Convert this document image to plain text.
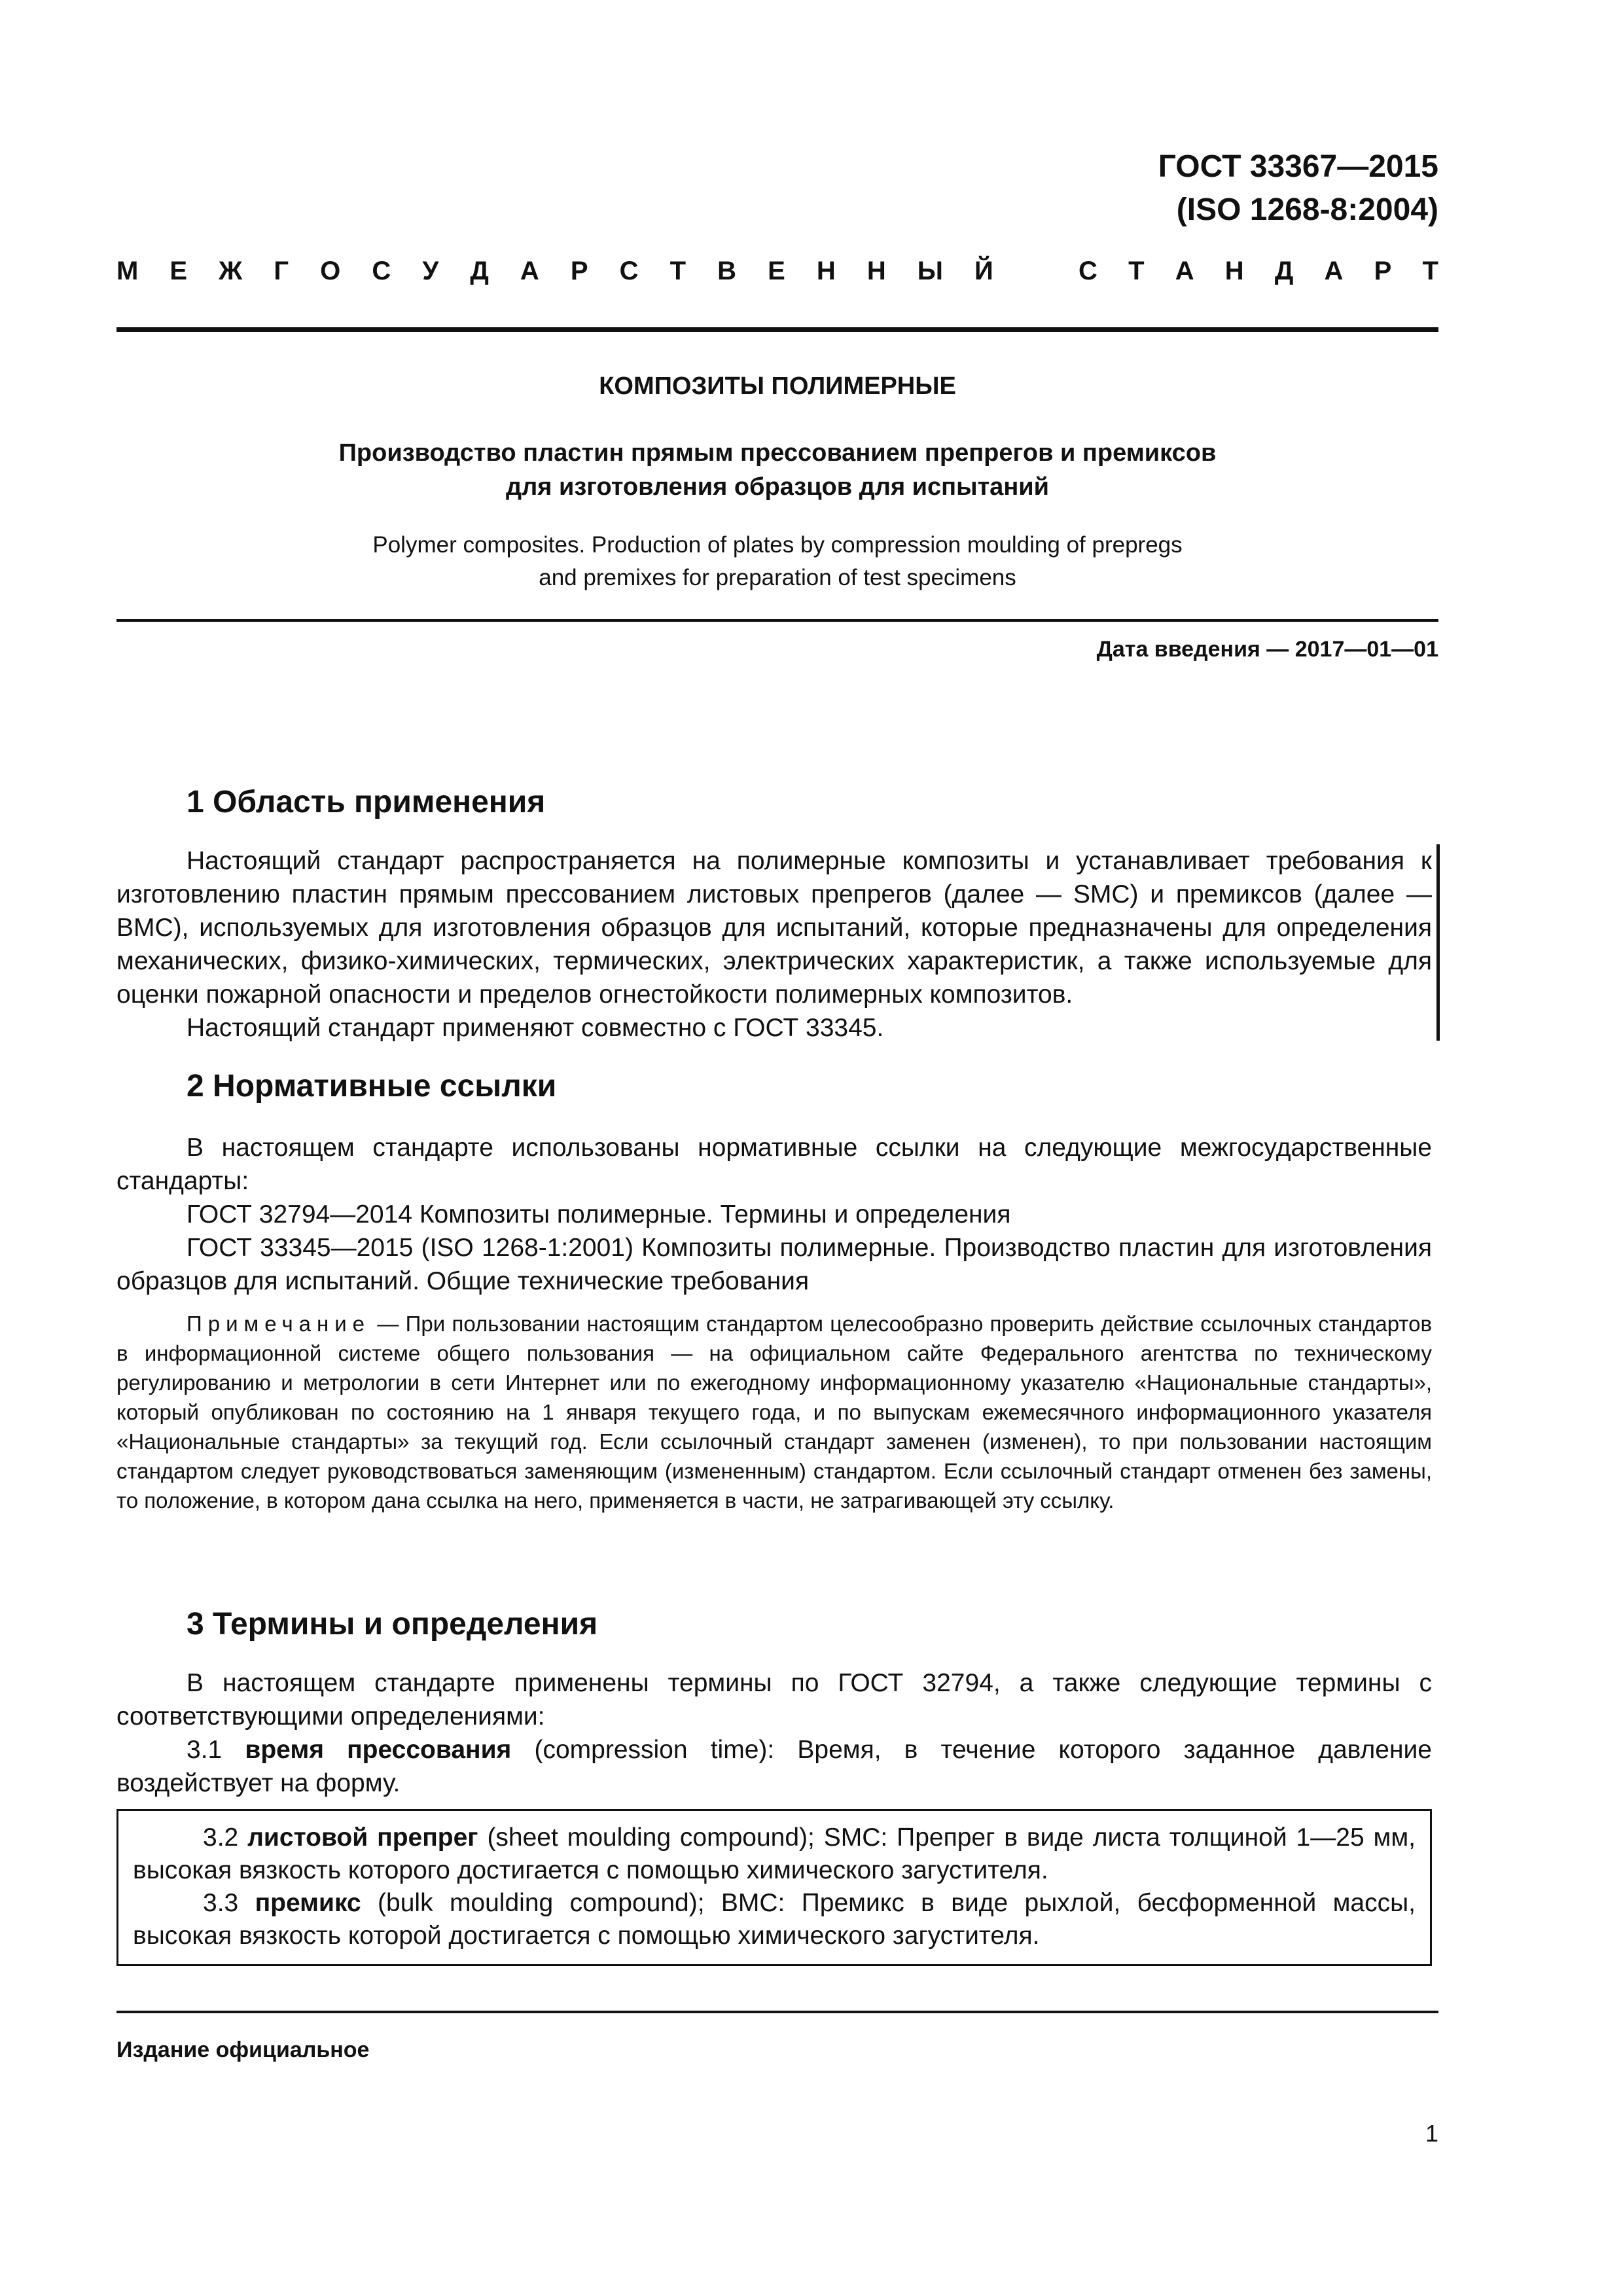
ГОСТ 33367—2015
(ISO 1268-8:2004)
М Е Ж Г О С У Д А Р С Т В Е Н Н Ы Й	С Т А Н Д А Р Т
КОМПОЗИТЫ ПОЛИМЕРНЫЕ
Производство пластин прямым прессованием препрегов и премиксов
для изготовления образцов для испытаний
Polymer composites. Production of plates by compression moulding of prepregs
and premixes for preparation of test specimens
Дата введения — 2017—01—01
1 Область применения

Настоящий стандарт распространяется на полимерные композиты и устанавливает требования к изготовлению пластин прямым прессованием листовых препрегов (далее — SMC) и премиксов (далее — BMC), используемых для изготовления образцов для испытаний, которые предназначены для определения механических, физико-химических, термических, электрических характеристик, а также используемые для оценки пожарной опасности и пределов огнестойкости полимерных композитов.

Настоящий стандарт применяют совместно с ГОСТ 33345.

2 Нормативные ссылки

В настоящем стандарте использованы нормативные ссылки на следующие межгосударственные стандарты:

ГОСТ 32794—2014 Композиты полимерные. Термины и определения

ГОСТ 33345—2015 (ISO 1268-1:2001) Композиты полимерные. Производство пластин для изготовления образцов для испытаний. Общие технические требования

Примечание — При пользовании настоящим стандартом целесообразно проверить действие ссылочных стандартов в информационной системе общего пользования — на официальном сайте Федерального агентства по техническому регулированию и метрологии в сети Интернет или по ежегодному информационному указателю «Национальные стандарты», который опубликован по состоянию на 1 января текущего года, и по выпускам ежемесячного информационного указателя «Национальные стандарты» за текущий год. Если ссылочный стандарт заменен (изменен), то при пользовании настоящим стандартом следует руководствоваться заменяющим (измененным) стандартом. Если ссылочный стандарт отменен без замены, то положение, в котором дана ссылка на него, применяется в части, не затрагивающей эту ссылку.
3 Термины и определения

В настоящем стандарте применены термины по ГОСТ 32794, а также следующие термины с соответствующими определениями:

3.1 время прессования (compression time): Время, в течение которого заданное давление воздействует на форму.

3.2 листовой препрег (sheet moulding compound); SMC: Препрег в виде листа толщиной 1—25 мм, высокая вязкость которого достигается с помощью химического загустителя.

3.3 премикс (bulk moulding compound); BMC: Премикс в виде рыхлой, бесформенной массы, высокая вязкость которой достигается с помощью химического загустителя.

Издание официальное
1
